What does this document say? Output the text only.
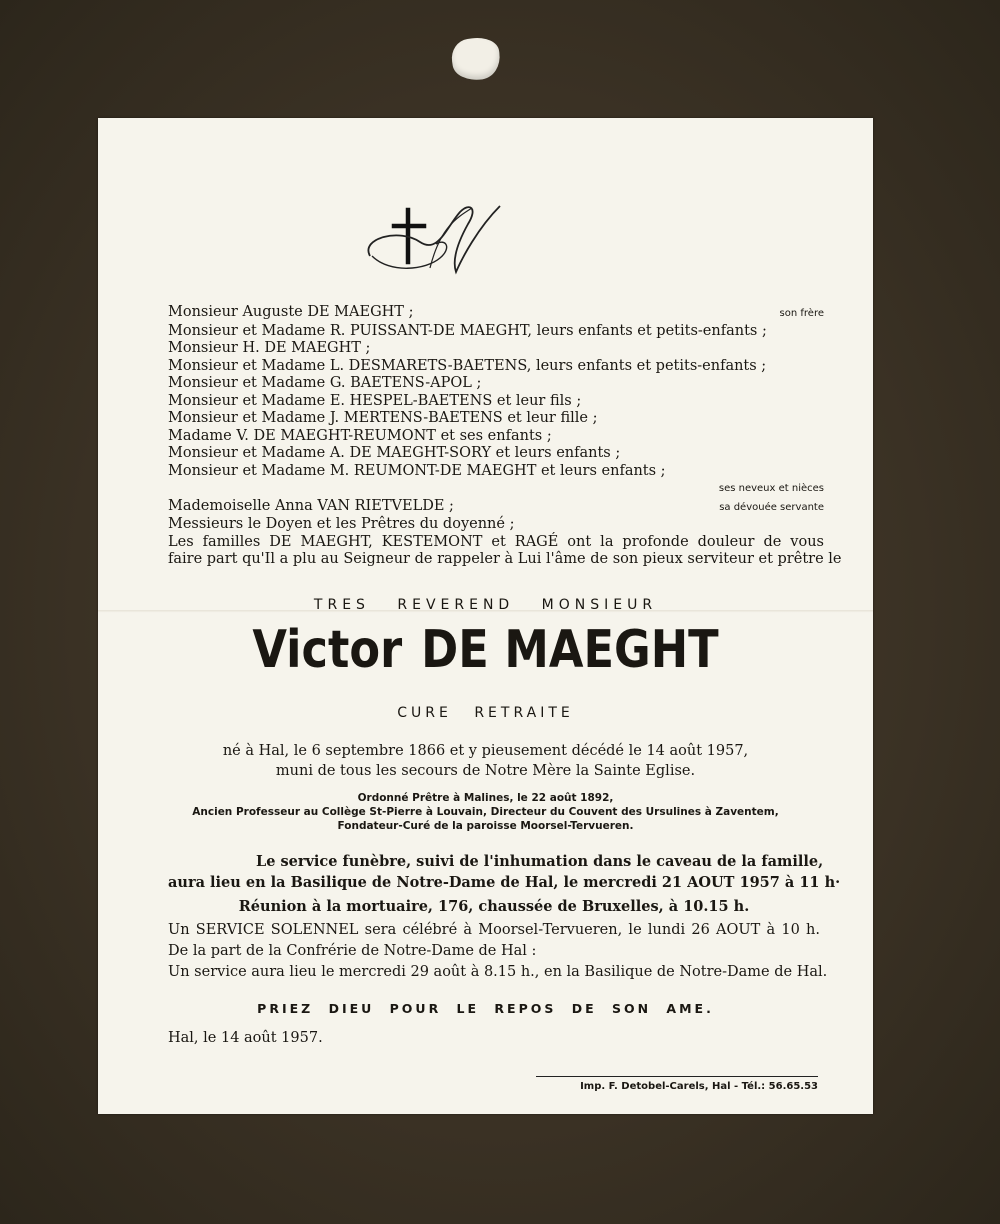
Monsieur Auguste DE MAEGHT ;	son frère
Monsieur et Madame R. PUISSANT-DE MAEGHT, leurs enfants et petits-enfants ;
Monsieur H. DE MAEGHT ;
Monsieur et Madame L. DESMARETS-BAETENS, leurs enfants et petits-enfants ;
Monsieur et Madame G. BAETENS-APOL ;
Monsieur et Madame E. HESPEL-BAETENS et leur fils ;
Monsieur et Madame J. MERTENS-BAETENS et leur fille ;
Madame V. DE MAEGHT-REUMONT et ses enfants ;
Monsieur et Madame A. DE MAEGHT-SORY et leurs enfants ;
Monsieur et Madame M. REUMONT-DE MAEGHT et leurs enfants ;
ses neveux et nièces
Mademoiselle Anna VAN RIETVELDE ;	sa dévouée servante
Messieurs le Doyen et les Prêtres du doyenné ;
Les familles DE MAEGHT, KESTEMONT et RAGÉ ont la profonde douleur de vous
faire part qu'Il a plu au Seigneur de rappeler à Lui l'âme de son pieux serviteur et prêtre le
TRES REVEREND MONSIEUR
Victor DE MAEGHT
CURE RETRAITE
né à Hal, le 6 septembre 1866 et y pieusement décédé le 14 août 1957,
muni de tous les secours de Notre Mère la Sainte Eglise.
Ordonné Prêtre à Malines, le 22 août 1892,
Ancien Professeur au Collège St-Pierre à Louvain, Directeur du Couvent des Ursulines à Zaventem,
Fondateur-Curé de la paroisse Moorsel-Tervueren.
Le service funèbre, suivi de l'inhumation dans le caveau de la famille,
aura lieu en la Basilique de Notre-Dame de Hal, le mercredi 21 AOUT 1957 à 11 h·
Réunion à la mortuaire, 176, chaussée de Bruxelles, à 10.15 h.
Un SERVICE SOLENNEL sera célébré à Moorsel-Tervueren, le lundi 26 AOUT à 10 h.
De la part de la Confrérie de Notre-Dame de Hal :
Un service aura lieu le mercredi 29 août à 8.15 h., en la Basilique de Notre-Dame de Hal.
PRIEZ DIEU POUR LE REPOS DE SON AME.
Hal, le 14 août 1957.
Imp. F. Detobel-Carels, Hal - Tél.: 56.65.53
